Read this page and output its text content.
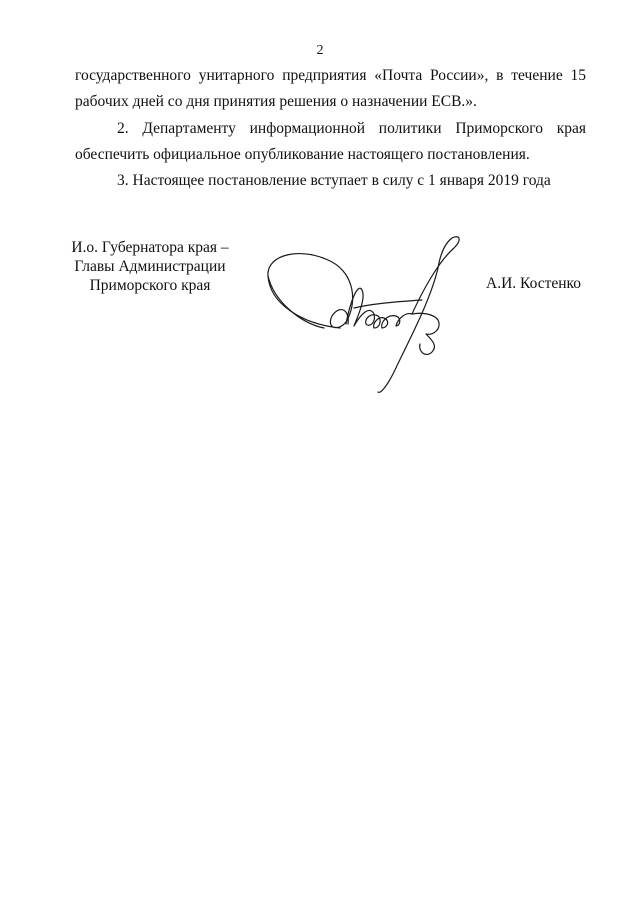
2
государственного унитарного предприятия «Почта России», в течение 15
рабочих дней со дня принятия решения о назначении ЕСВ.».
2. Департаменту информационной политики Приморского края
обеспечить официальное опубликование настоящего постановления.
3. Настоящее постановление вступает в силу с 1 января 2019 года
И.о. Губернатора края –
Главы Администрации
Приморского края	А.И. Костенко
